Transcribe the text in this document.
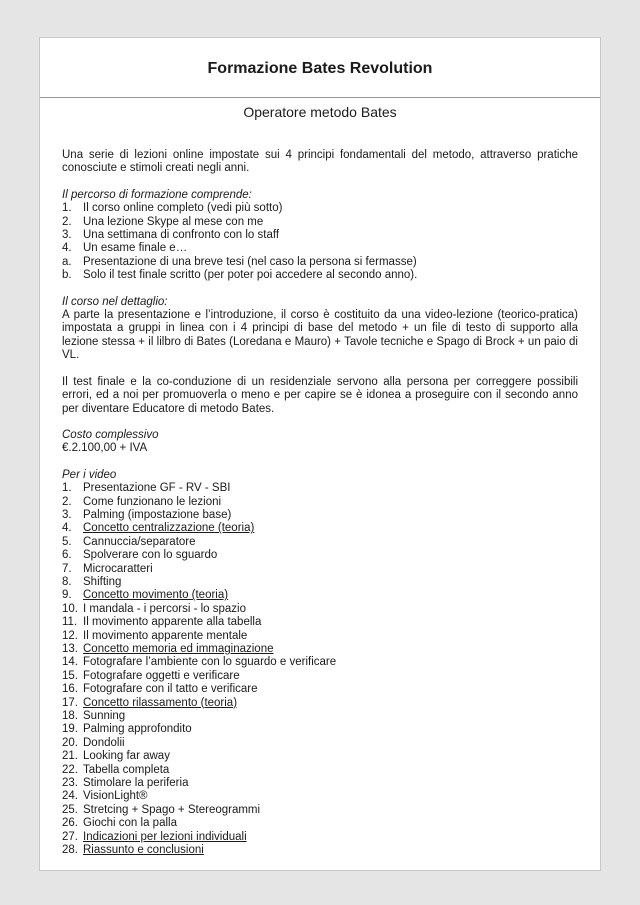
Formazione Bates Revolution
Operatore metodo Bates

Una serie di lezioni online impostate sui 4 principi fondamentali del metodo, attraverso pratiche conosciute e stimoli creati negli anni.

Il percorso di formazione comprende:
1. Il corso online completo (vedi più sotto)
2. Una lezione Skype al mese con me
3. Una settimana di confronto con lo staff
4. Un esame finale e…
a. Presentazione di una breve tesi (nel caso la persona si fermasse)
b. Solo il test finale scritto (per poter poi accedere al secondo anno).
Il corso nel dettaglio:

A parte la presentazione e l’introduzione, il corso è costituito da una video-lezione (teorico-pratica) impostata a gruppi in linea con i 4 principi di base del metodo + un file di testo di supporto alla lezione stessa + il lilbro di Bates (Loredana e Mauro) + Tavole tecniche e Spago di Brock + un paio di VL.

Il test finale e la co-conduzione di un residenziale servono alla persona per correggere possibili errori, ed a noi per promuoverla o meno e per capire se è idonea a proseguire con il secondo anno per diventare Educatore di metodo Bates.

Costo complessivo
€.2.100,00 + IVA
Per i video
1. Presentazione GF - RV - SBI
2. Come funzionano le lezioni
3. Palming (impostazione base)
4. Concetto centralizzazione (teoria)
5. Cannuccia/separatore
6. Spolverare con lo sguardo
7. Microcaratteri
8. Shifting
9. Concetto movimento (teoria)
10. I mandala - i percorsi - lo spazio
11. Il movimento apparente alla tabella
12. Il movimento apparente mentale
13. Concetto memoria ed immaginazione
14. Fotografare l’ambiente con lo sguardo e verificare
15. Fotografare oggetti e verificare
16. Fotografare con il tatto e verificare
17. Concetto rilassamento (teoria)
18. Sunning
19. Palming approfondito
20. Dondolii
21. Looking far away
22. Tabella completa
23. Stimolare la periferia
24. VisionLight®
25. Stretcing + Spago + Stereogrammi
26. Giochi con la palla
27. Indicazioni per lezioni individuali
28. Riassunto e conclusioni
